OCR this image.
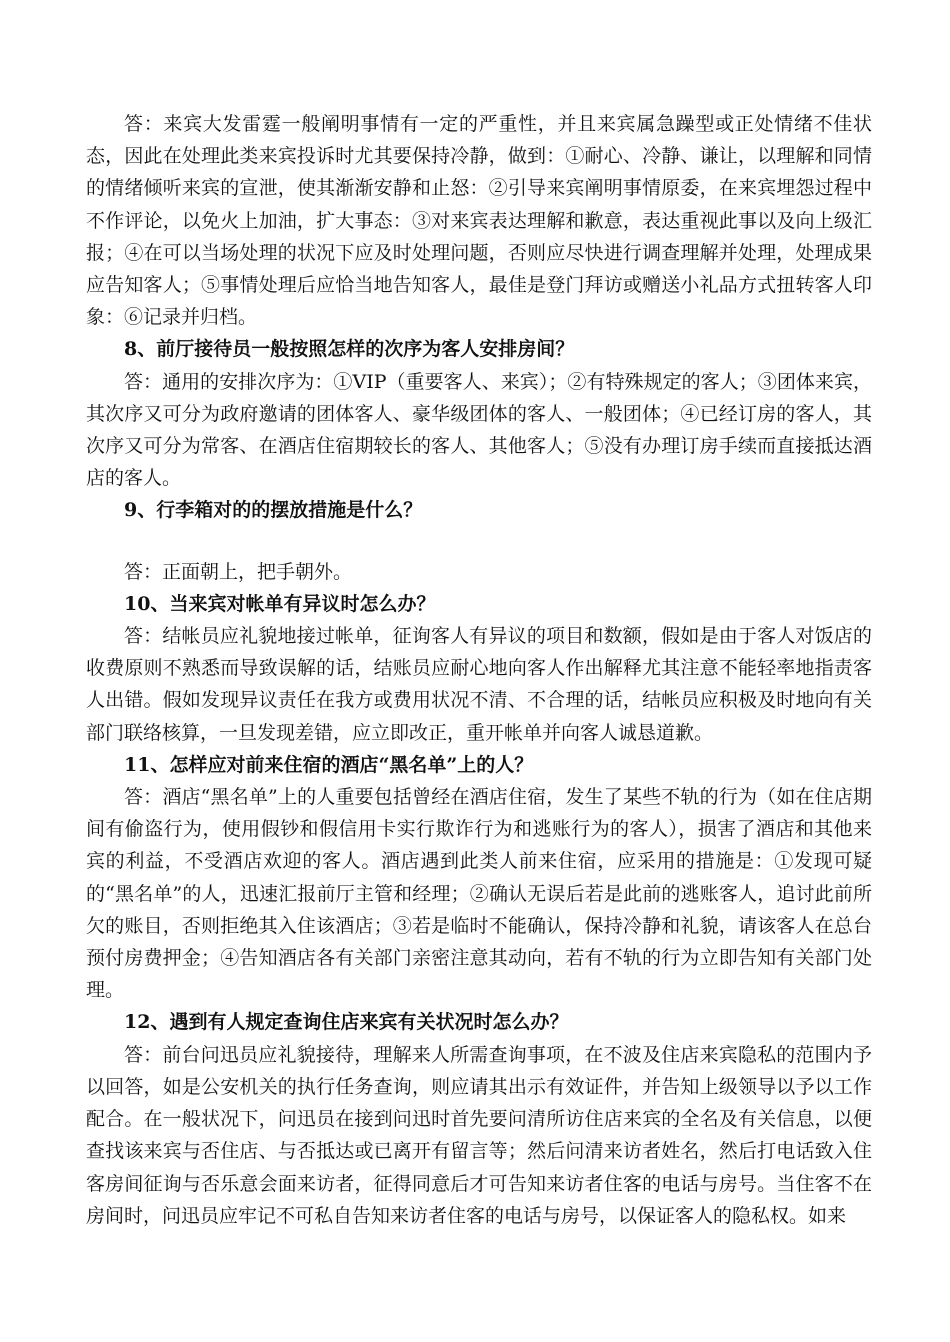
答：来宾大发雷霆一般阐明事情有一定的严重性，并且来宾属急躁型或正处情绪不佳状态，因此在处理此类来宾投诉时尤其要保持冷静，做到：①耐心、冷静、谦让，以理解和同情的情绪倾听来宾的宣泄，使其渐渐安静和止怒：②引导来宾阐明事情原委，在来宾埋怨过程中不作评论，以免火上加油，扩大事态：③对来宾表达理解和歉意，表达重视此事以及向上级汇报；④在可以当场处理的状况下应及时处理问题，否则应尽快进行调查理解并处理，处理成果应告知客人；⑤事情处理后应恰当地告知客人，最佳是登门拜访或赠送小礼品方式扭转客人印象：⑥记录并归档。

8、前厅接待员一般按照怎样的次序为客人安排房间？

答：通用的安排次序为：①VIP（重要客人、来宾）；②有特殊规定的客人；③团体来宾，其次序又可分为政府邀请的团体客人、豪华级团体的客人、一般团体；④已经订房的客人，其次序又可分为常客、在酒店住宿期较长的客人、其他客人；⑤没有办理订房手续而直接抵达酒店的客人。

9、行李箱对的的摆放措施是什么？

答：正面朝上，把手朝外。

10、当来宾对帐单有异议时怎么办？

答：结帐员应礼貌地接过帐单，征询客人有异议的项目和数额，假如是由于客人对饭店的收费原则不熟悉而导致误解的话，结账员应耐心地向客人作出解释尤其注意不能轻率地指责客人出错。假如发现异议责任在我方或费用状况不清、不合理的话，结帐员应积极及时地向有关部门联络核算，一旦发现差错，应立即改正，重开帐单并向客人诚恳道歉。

11、怎样应对前来住宿的酒店“黑名单”上的人？

答：酒店“黑名单”上的人重要包括曾经在酒店住宿，发生了某些不轨的行为（如在住店期间有偷盗行为，使用假钞和假信用卡实行欺诈行为和逃账行为的客人），损害了酒店和其他来宾的利益，不受酒店欢迎的客人。酒店遇到此类人前来住宿，应采用的措施是：①发现可疑的“黑名单”的人，迅速汇报前厅主管和经理；②确认无误后若是此前的逃账客人，追讨此前所欠的账目，否则拒绝其入住该酒店；③若是临时不能确认，保持冷静和礼貌，请该客人在总台预付房费押金；④告知酒店各有关部门亲密注意其动向，若有不轨的行为立即告知有关部门处理。

12、遇到有人规定查询住店来宾有关状况时怎么办？

答：前台问迅员应礼貌接待，理解来人所需查询事项，在不波及住店来宾隐私的范围内予以回答，如是公安机关的执行任务查询，则应请其出示有效证件，并告知上级领导以予以工作配合。在一般状况下，问迅员在接到问迅时首先要问清所访住店来宾的全名及有关信息，以便查找该来宾与否住店、与否抵达或已离开有留言等；然后问清来访者姓名，然后打电话致入住客房间征询与否乐意会面来访者，征得同意后才可告知来访者住客的电话与房号。当住客不在房间时，问迅员应牢记不可私自告知来访者住客的电话与房号，以保证客人的隐私权。如来
